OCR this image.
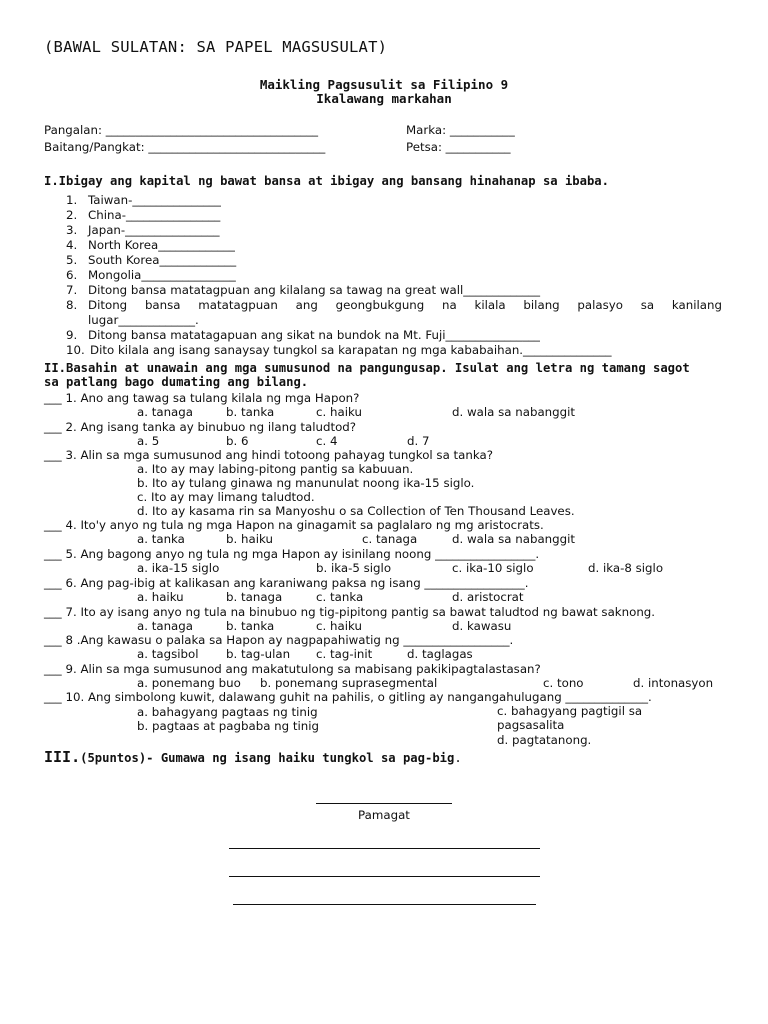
(BAWAL SULATAN: SA PAPEL MAGSUSULAT)
Maikling Pagsusulit sa Filipino 9
Ikalawang markahan
Pangalan: ____________________________________	Marka: ___________
Baitang/Pangkat: ______________________________	Petsa: ___________
I.Ibigay ang kapital ng bawat bansa at ibigay ang bansang hinahanap sa ibaba.
1. Taiwan-_______________
2. China-________________
3. Japan-________________
4. North Korea_____________
5. South Korea_____________
6. Mongolia________________
7. Ditong bansa matatagpuan ang kilalang sa tawag na great wall_____________
8. Ditong bansa matatagpuan ang geongbukgung na kilala bilang palasyo sa kanilang
lugar_____________.
9. Ditong bansa matatagapuan ang sikat na bundok na Mt. Fuji________________
10. Dito kilala ang isang sanaysay tungkol sa karapatan ng mga kababaihan._______________
II.Basahin at unawain ang mga sumusunod na pangungusap. Isulat ang letra ng tamang sagot
sa patlang bago dumating ang bilang.
___ 1. Ano ang tawag sa tulang kilala ng mga Hapon?
a. tanaga	b. tanka	c. haiku	d. wala sa nabanggit
___ 2. Ang isang tanka ay binubuo ng ilang taludtod?
a. 5	b. 6	c. 4	d. 7
___ 3. Alin sa mga sumusunod ang hindi totoong pahayag tungkol sa tanka?
a. Ito ay may labing-pitong pantig sa kabuuan.
b. Ito ay tulang ginawa ng manunulat noong ika-15 siglo.
c. Ito ay may limang taludtod.
d. Ito ay kasama rin sa Manyoshu o sa Collection of Ten Thousand Leaves.
___ 4. Ito'y anyo ng tula ng mga Hapon na ginagamit sa paglalaro ng mg aristocrats.
a. tanka	b. haiku	c. tanaga	d. wala sa nabanggit
___ 5. Ang bagong anyo ng tula ng mga Hapon ay isinilang noong _________________.
a. ika-15 siglo	b. ika-5 siglo	c. ika-10 siglo	d. ika-8 siglo
___ 6. Ang pag-ibig at kalikasan ang karaniwang paksa ng isang _________________.
a. haiku	b. tanaga	c. tanka	d. aristocrat
___ 7. Ito ay isang anyo ng tula na binubuo ng tig-pipitong pantig sa bawat taludtod ng bawat saknong.
a. tanaga	b. tanka	c. haiku	d. kawasu
___ 8 .Ang kawasu o palaka sa Hapon ay nagpapahiwatig ng __________________.
a. tagsibol b. tag-ulan c. tag-init	d. taglagas
___ 9. Alin sa mga sumusunod ang makatutulong sa mabisang pakikipagtalastasan?
a. ponemang buo b. ponemang suprasegmental	c. tono	d. intonasyon
___ 10. Ang simbolong kuwit, dalawang guhit na pahilis, o gitling ay nangangahulugang ______________.
a. bahagyang pagtaas ng tinig
b. pagtaas at pagbaba ng tinig
c. bahagyang pagtigil sa
pagsasalita
d. pagtatanong.
III.(5puntos)- Gumawa ng isang haiku tungkol sa pag-big.
Pamagat
